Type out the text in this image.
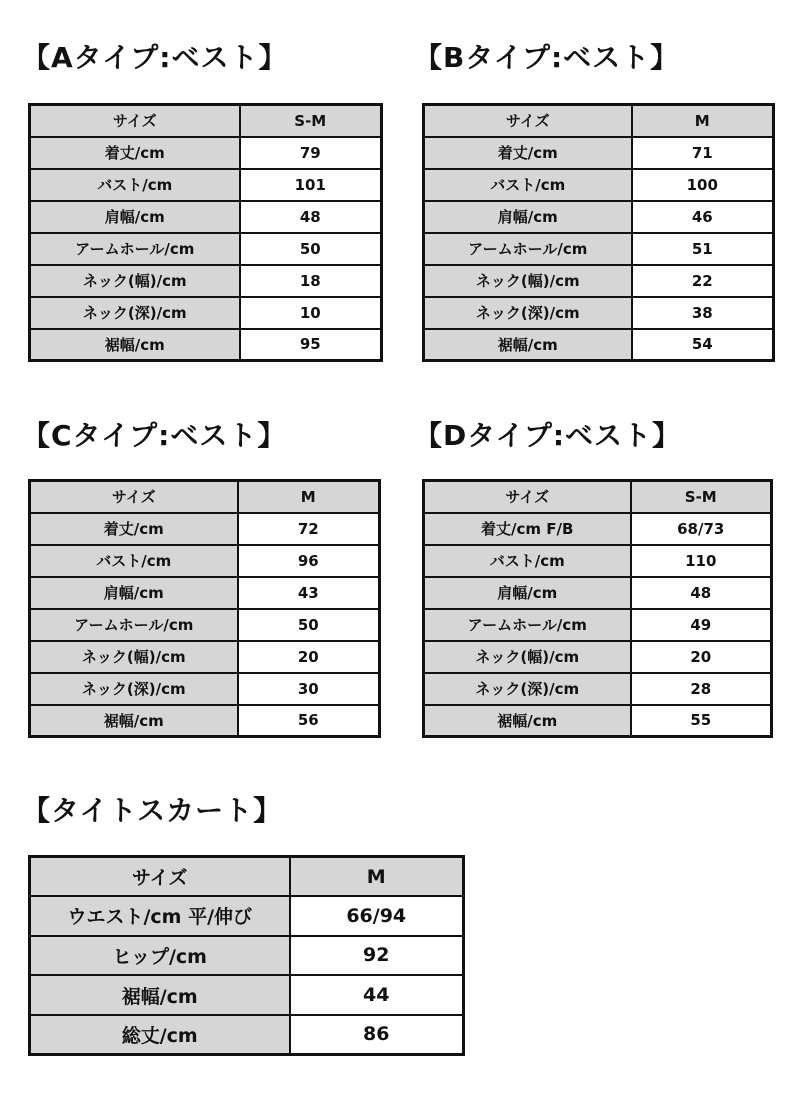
【Aタイプ:ベスト】
サイズ	S-M
着丈/cm	79
バスト/cm	101
肩幅/cm	48
アームホール/cm	50
ネック(幅)/cm	18
ネック(深)/cm	10
裾幅/cm	95
【Bタイプ:ベスト】
サイズ	M
着丈/cm	71
バスト/cm	100
肩幅/cm	46
アームホール/cm	51
ネック(幅)/cm	22
ネック(深)/cm	38
裾幅/cm	54
【Cタイプ:ベスト】
サイズ	M
着丈/cm	72
バスト/cm	96
肩幅/cm	43
アームホール/cm	50
ネック(幅)/cm	20
ネック(深)/cm	30
裾幅/cm	56
【Dタイプ:ベスト】
サイズ	S-M
着丈/cm F/B	68/73
バスト/cm	110
肩幅/cm	48
アームホール/cm	49
ネック(幅)/cm	20
ネック(深)/cm	28
裾幅/cm	55
【タイトスカート】
サイズ	M
ウエスト/cm 平/伸び	66/94
ヒップ/cm	92
裾幅/cm	44
総丈/cm	86
